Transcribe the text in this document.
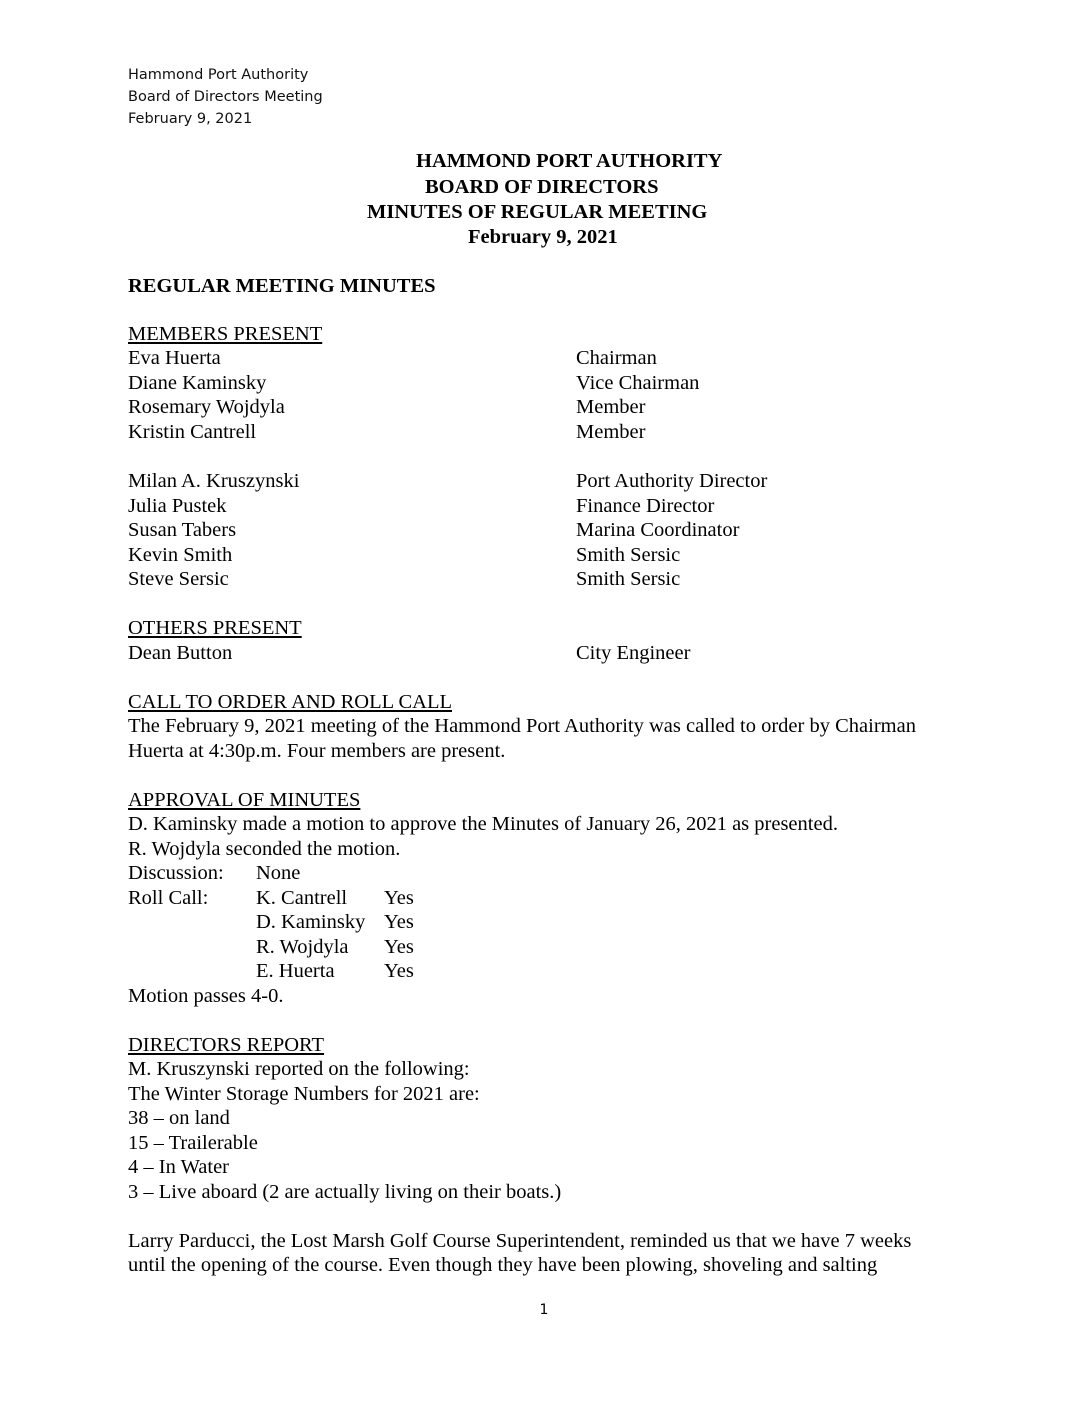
Hammond Port Authority
Board of Directors Meeting
February 9, 2021
HAMMOND PORT AUTHORITY
BOARD OF DIRECTORS
MINUTES OF REGULAR MEETING
February 9, 2021
REGULAR MEETING MINUTES
MEMBERS PRESENT
Eva Huerta	Chairman
Diane Kaminsky	Vice Chairman
Rosemary Wojdyla	Member
Kristin Cantrell	Member
Milan A. Kruszynski	Port Authority Director
Julia Pustek	Finance Director
Susan Tabers	Marina Coordinator
Kevin Smith	Smith Sersic
Steve Sersic	Smith Sersic
OTHERS PRESENT
Dean Button	City Engineer
CALL TO ORDER AND ROLL CALL
The February 9, 2021 meeting of the Hammond Port Authority was called to order by Chairman
Huerta at 4:30p.m. Four members are present.
APPROVAL OF MINUTES
D. Kaminsky made a motion to approve the Minutes of January 26, 2021 as presented.
R. Wojdyla seconded the motion.
Discussion: None
Roll Call: K. Cantrell Yes
D. Kaminsky Yes
R. Wojdyla Yes
E. Huerta Yes
Motion passes 4-0.
DIRECTORS REPORT
M. Kruszynski reported on the following:
The Winter Storage Numbers for 2021 are:
38 – on land
15 – Trailerable
4 – In Water
3 – Live aboard (2 are actually living on their boats.)
Larry Parducci, the Lost Marsh Golf Course Superintendent, reminded us that we have 7 weeks
until the opening of the course. Even though they have been plowing, shoveling and salting
1
